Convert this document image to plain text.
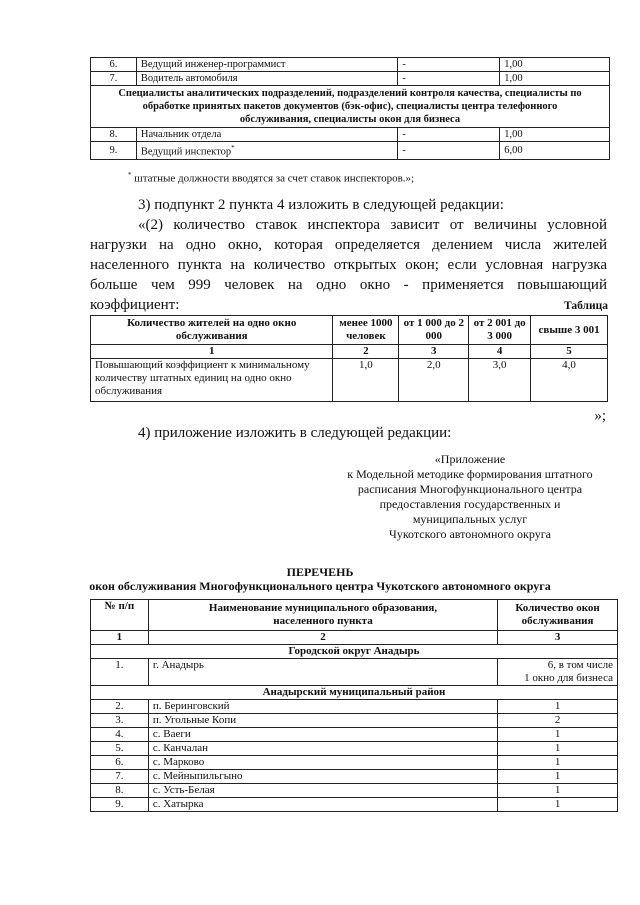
6.	Ведущий инженер-программист	-	1,00
7.	Водитель автомобиля	-	1,00
Специалисты аналитических подразделений, подразделений контроля качества, специалисты по обработке принятых пакетов документов (бэк-офис), специалисты центра телефонного обслуживания, специалисты окон для бизнеса			
8.	Начальник отдела	-	1,00
9.	Ведущий инспектор*	-	6,00
* штатные должности вводятся за счет ставок инспекторов.»;
3) подпункт 2 пункта 4 изложить в следующей редакции:
«(2) количество ставок инспектора зависит от величины условной нагрузки на одно окно, которая определяется делением числа жителей населенного пункта на количество открытых окон; если условная нагрузка больше чем 999 человек на одно окно - применяется повышающий коэффициент:	Таблица
Количество жителей на одно окно обслуживания	менее 1000 человек	от 1 000 до 2 000	от 2 001 до 3 000	свыше 3 001
1	2	3	4	5
Повышающий коэффициент к минимальному количеству штатных единиц на одно окно обслуживания	1,0	2,0	3,0	4,0
»;
4) приложение изложить в следующей редакции:
«Приложение
к Модельной методике формирования штатного
расписания Многофункционального центра
предоставления государственных и
муниципальных услуг
Чукотского автономного округа
ПЕРЕЧЕНЬ
окон обслуживания Многофункционального центра Чукотского автономного округа
№ п/п	Наименование муниципального образования, населенного пункта	Количество окон обслуживания
1	2	3
Городской округ Анадырь		
1.	г. Анадырь	6, в том числе
1 окно для бизнеса

Анадырский муниципальный район		
2.	п. Беринговский	1
3.	п. Угольные Копи	2
4.	с. Ваеги	1
5.	с. Канчалан	1
6.	с. Марково	1
7.	с. Мейныпильгыно	1
8.	с. Усть-Белая	1
9.	с. Хатырка	1
